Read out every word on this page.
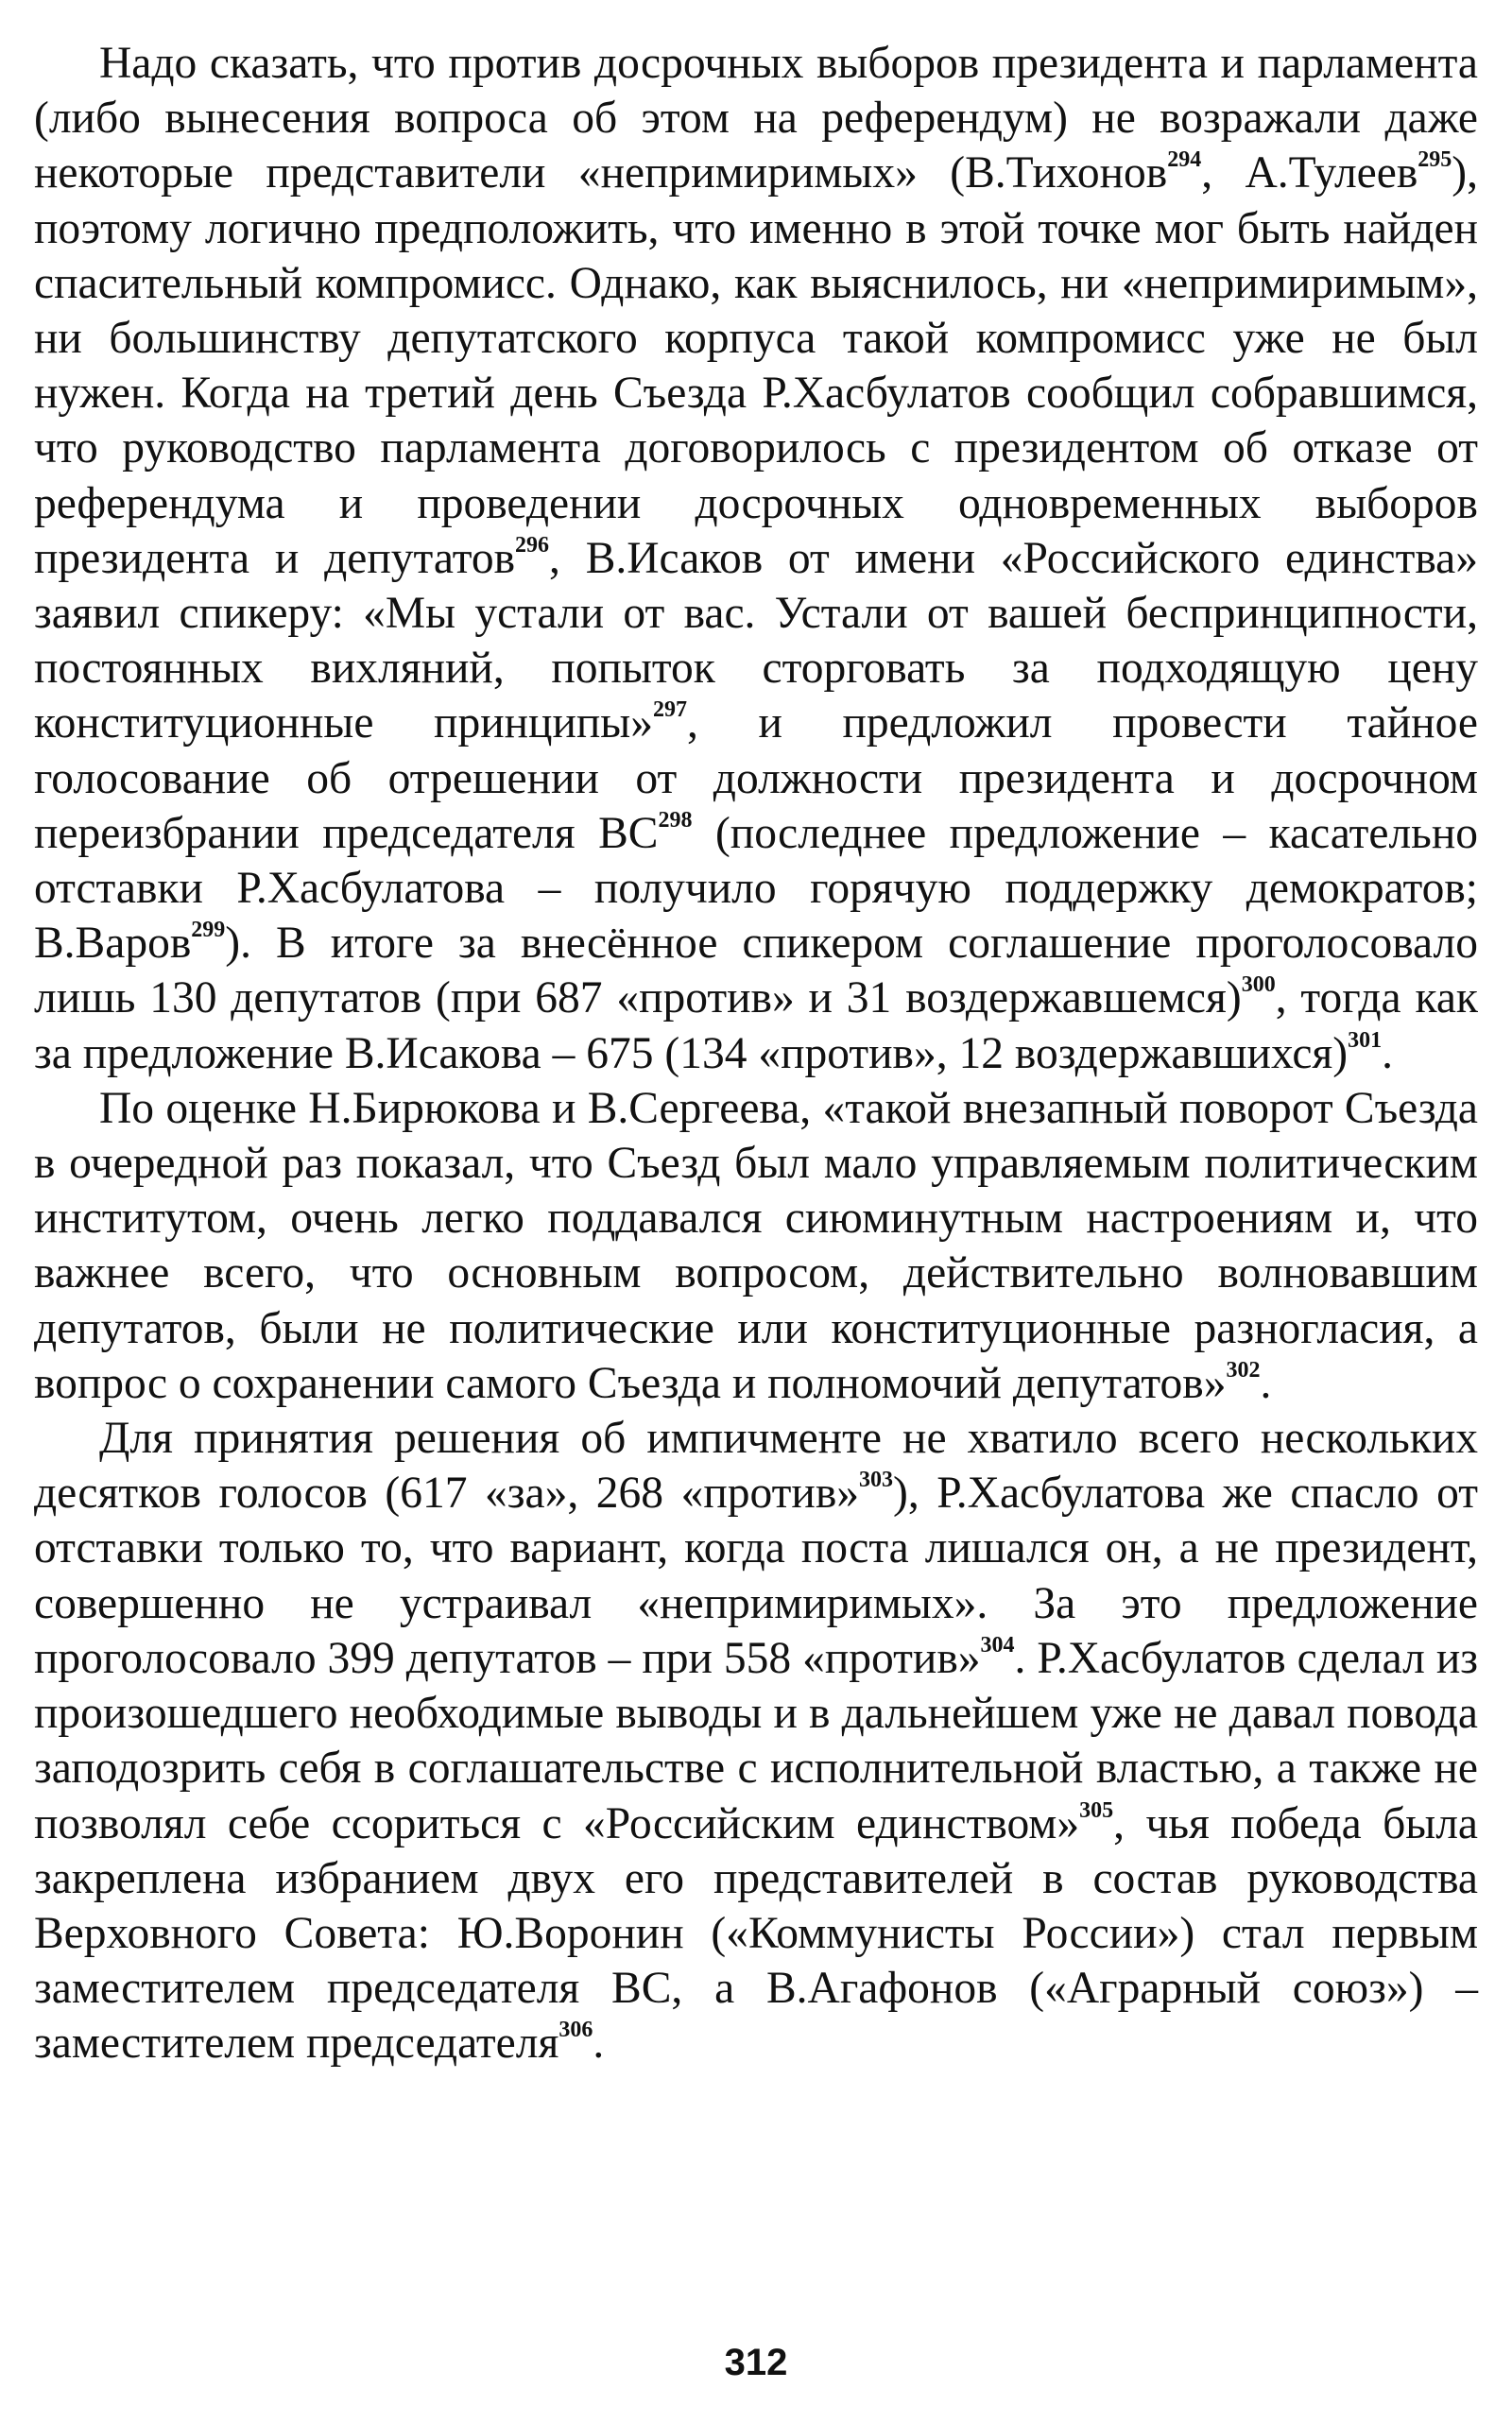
Надо сказать, что против досрочных выборов президента и парламента (либо вынесения вопроса об этом на референдум) не возражали даже некоторые представители «непримиримых» (В.Тихонов$^{294}$, А.Тулеев$^{295}$), поэтому логично предположить, что именно в этой точке мог быть найден спасительный компромисс. Однако, как выяснилось, ни «непримиримым», ни большинству депутатского корпуса такой компромисс уже не был нужен. Когда на третий день Съезда Р.Хасбулатов сообщил собравшимся, что руководство парламента договорилось с президентом об отказе от референдума и проведении досрочных одновременных выборов президента и депутатов$^{296}$, В.Исаков от имени «Российского единства» заявил спикеру: «Мы устали от вас. Устали от вашей беспринципности, постоянных вихляний, попыток сторговать за подходящую цену конституционные принципы»$^{297}$, и предложил провести тайное голосование об отрешении от должности президента и досрочном переизбрании председателя ВС$^{298}$ (последнее предложение – касательно отставки Р.Хасбулатова – получило горячую поддержку демократов; В.Варов$^{299}$). В итоге за внесённое спикером соглашение проголосовало лишь 130 депутатов (при 687 «против» и 31 воздержавшемся)$^{300}$, тогда как за предложение В.Исакова – 675 (134 «против», 12 воздержавшихся)$^{301}$.

По оценке Н.Бирюкова и В.Сергеева, «такой внезапный поворот Съезда в очередной раз показал, что Съезд был мало управляемым политическим институтом, очень легко поддавался сиюминутным настроениям и, что важнее всего, что основным вопросом, действительно волновавшим депутатов, были не политические или конституционные разногласия, а вопрос о сохранении самого Съезда и полномочий депутатов»$^{302}$.

Для принятия решения об импичменте не хватило всего нескольких десятков голосов (617 «за», 268 «против»$^{303}$), Р.Хасбулатова же спасло от отставки только то, что вариант, когда поста лишался он, а не президент, совершенно не устраивал «непримиримых». За это предложение проголосовало 399 депутатов – при 558 «против»$^{304}$. Р.Хасбулатов сделал из произошедшего необходимые выводы и в дальнейшем уже не давал повода заподозрить себя в соглашательстве с исполнительной властью, а также не позволял себе ссориться с «Российским единством»$^{305}$, чья победа была закреплена избранием двух его представителей в состав руководства Верховного Совета: Ю.Воронин («Коммунисты России») стал первым заместителем председателя ВС, а В.Агафонов («Аграрный союз») – заместителем председателя$^{306}$.

312
